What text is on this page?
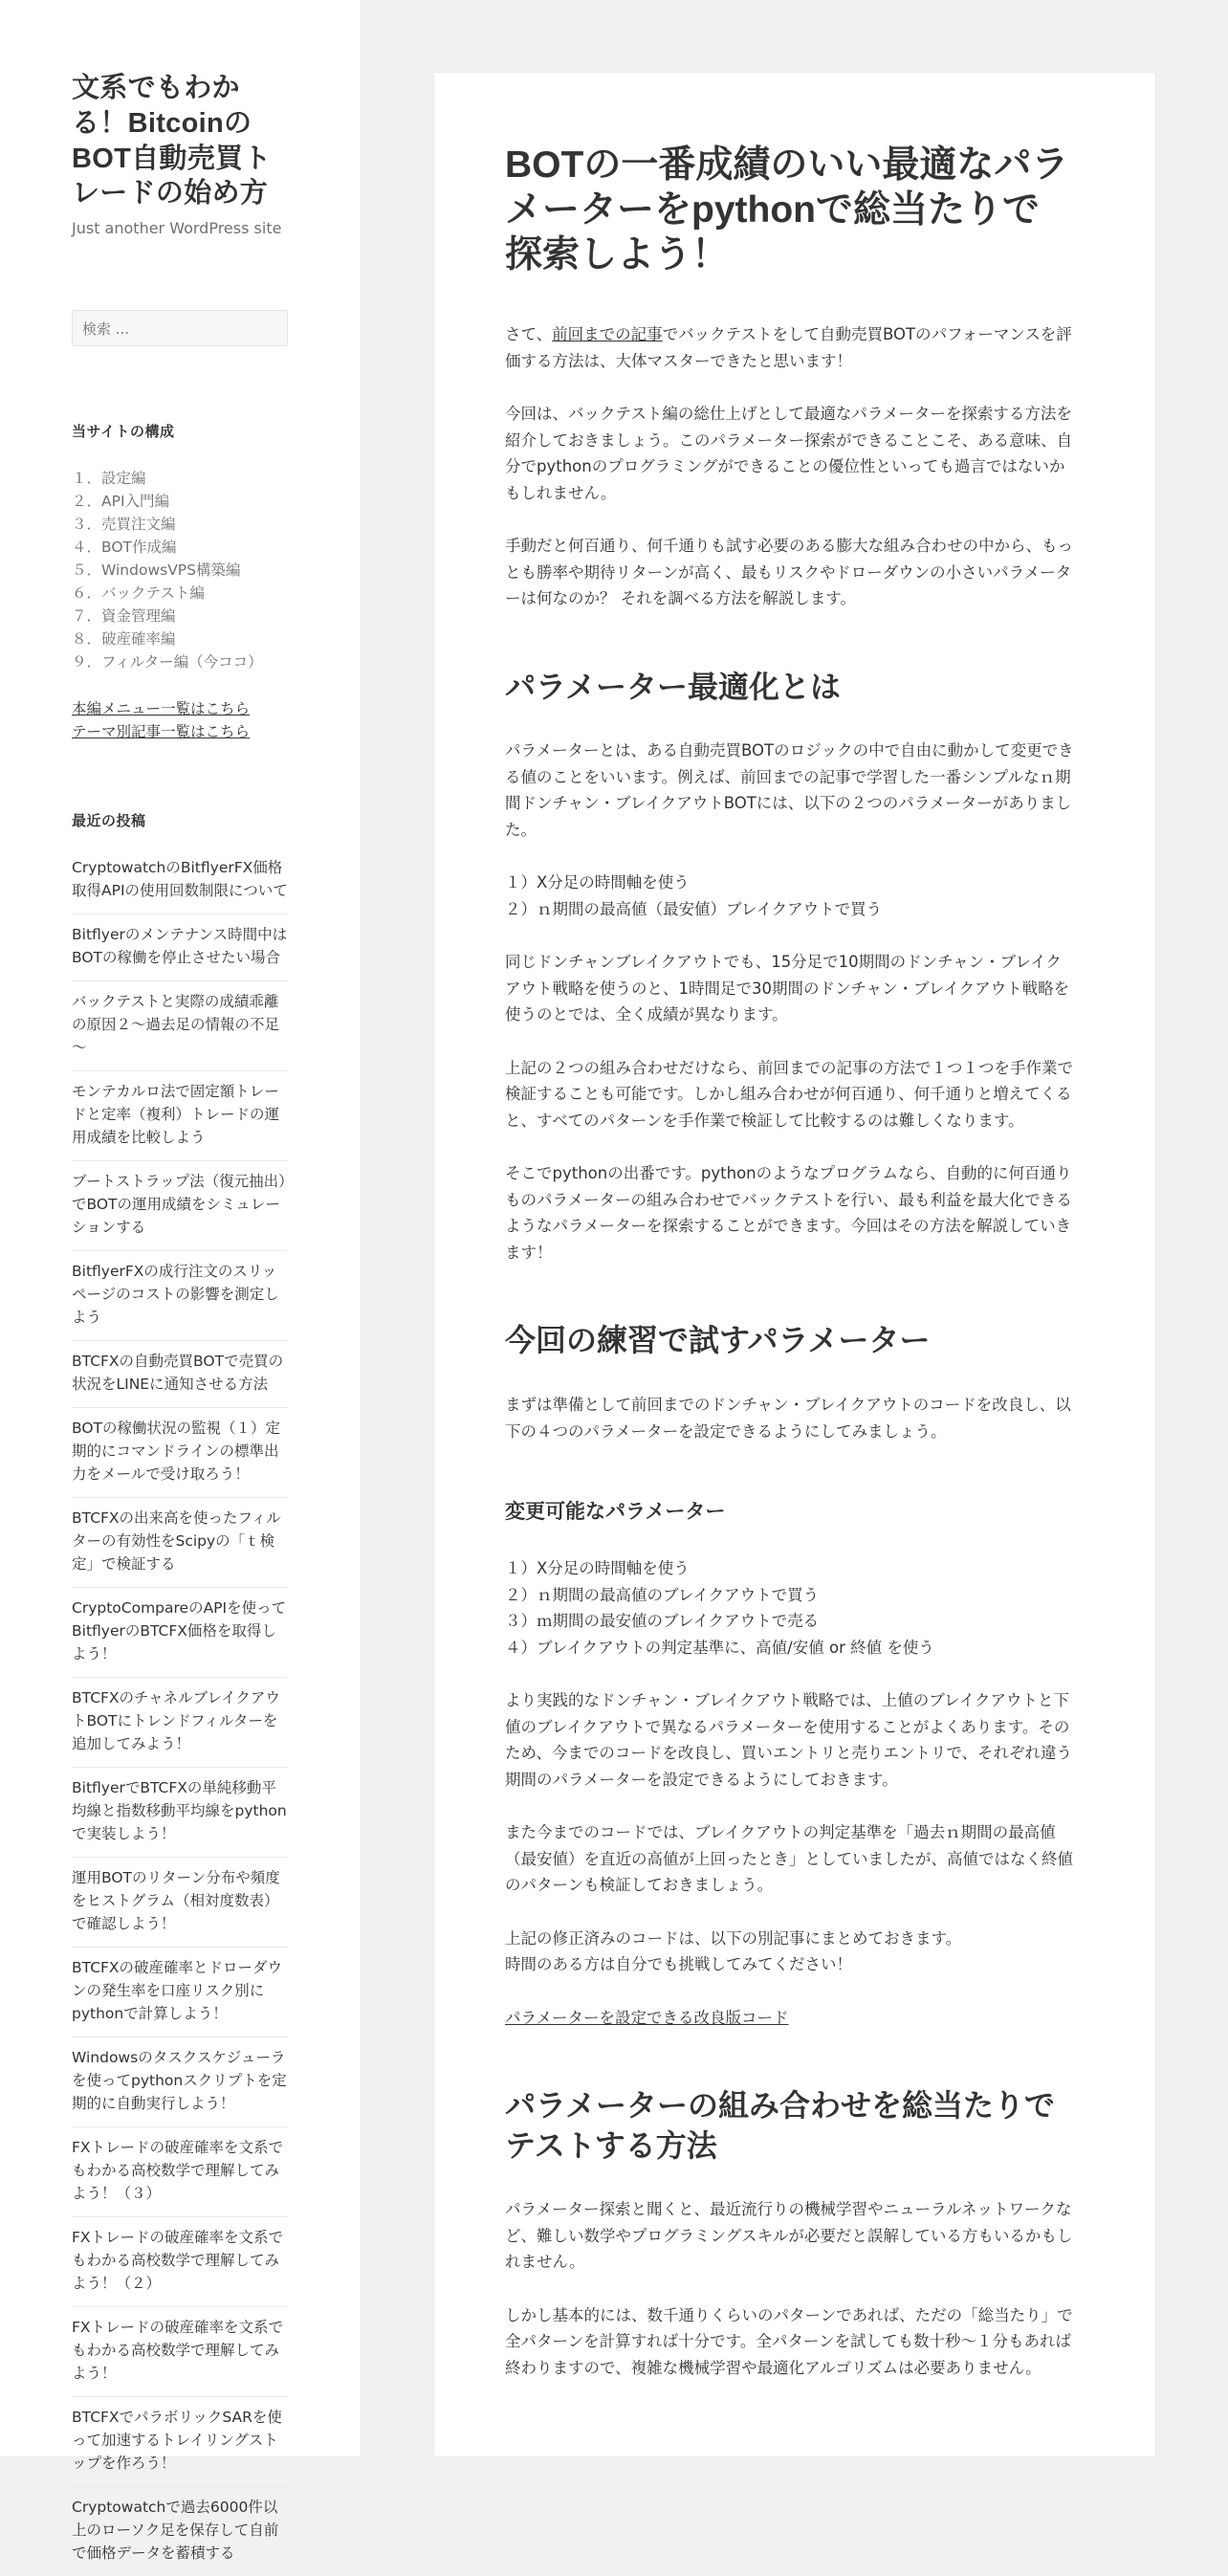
文系でもわかる！BitcoinのBOT自動売買トレードの始め方
Just another WordPress site
検索 ...
当サイトの構成
１．設定編
２．API入門編
３．売買注文編
４．BOT作成編
５．WindowsVPS構築編
６．バックテスト編
７．資金管理編
８．破産確率編
９．フィルター編（今ココ）
本編メニュー一覧はこちら
テーマ別記事一覧はこちら
最近の投稿
CryptowatchのBitflyerFX価格取得APIの使用回数制限について
Bitflyerのメンテナンス時間中はBOTの稼働を停止させたい場合
バックテストと実際の成績乖離の原因２～過去足の情報の不足～
モンテカルロ法で固定額トレードと定率（複利）トレードの運用成績を比較しよう
ブートストラップ法（復元抽出）でBOTの運用成績をシミュレーションする
BitflyerFXの成行注文のスリッページのコストの影響を測定しよう
BTCFXの自動売買BOTで売買の状況をLINEに通知させる方法
BOTの稼働状況の監視（１）定期的にコマンドラインの標準出力をメールで受け取ろう！
BTCFXの出来高を使ったフィルターの有効性をScipyの「ｔ検定」で検証する
CryptoCompareのAPIを使ってBitflyerのBTCFX価格を取得しよう！
BTCFXのチャネルブレイクアウトBOTにトレンドフィルターを追加してみよう！
BitflyerでBTCFXの単純移動平均線と指数移動平均線をpythonで実装しよう！
運用BOTのリターン分布や頻度をヒストグラム（相対度数表）で確認しよう！
BTCFXの破産確率とドローダウンの発生率を口座リスク別にpythonで計算しよう！
Windowsのタスクスケジューラを使ってpythonスクリプトを定期的に自動実行しよう！
FXトレードの破産確率を文系でもわかる高校数学で理解してみよう！（３）
FXトレードの破産確率を文系でもわかる高校数学で理解してみよう！（２）
FXトレードの破産確率を文系でもわかる高校数学で理解してみよう！
BTCFXでパラボリックSARを使って加速するトレイリングストップを作ろう！
Cryptowatchで過去6000件以上のローソク足を保存して自前で価格データを蓄積する
BOTの一番成績のいい最適なパラメーターをpythonで総当たりで探索しよう！

さて、前回までの記事でバックテストをして自動売買BOTのパフォーマンスを評価する方法は、大体マスターできたと思います！

今回は、バックテスト編の総仕上げとして最適なパラメーターを探索する方法を紹介しておきましょう。このパラメーター探索ができることこそ、ある意味、自分でpythonのプログラミングができることの優位性といっても過言ではないかもしれません。

手動だと何百通り、何千通りも試す必要のある膨大な組み合わせの中から、もっとも勝率や期待リターンが高く、最もリスクやドローダウンの小さいパラメーターは何なのか？ それを調べる方法を解説します。

パラメーター最適化とは

パラメーターとは、ある自動売買BOTのロジックの中で自由に動かして変更できる値のことをいいます。例えば、前回までの記事で学習した一番シンプルなｎ期間ドンチャン・ブレイクアウトBOTには、以下の２つのパラメーターがありました。

１）X分足の時間軸を使う
２）ｎ期間の最高値（最安値）ブレイクアウトで買う

同じドンチャンブレイクアウトでも、15分足で10期間のドンチャン・ブレイクアウト戦略を使うのと、1時間足で30期間のドンチャン・ブレイクアウト戦略を使うのとでは、全く成績が異なります。

上記の２つの組み合わせだけなら、前回までの記事の方法で１つ１つを手作業で検証することも可能です。しかし組み合わせが何百通り、何千通りと増えてくると、すべてのパターンを手作業で検証して比較するのは難しくなります。

そこでpythonの出番です。pythonのようなプログラムなら、自動的に何百通りものパラメーターの組み合わせでバックテストを行い、最も利益を最大化できるようなパラメーターを探索することができます。今回はその方法を解説していきます！

今回の練習で試すパラメーター

まずは準備として前回までのドンチャン・ブレイクアウトのコードを改良し、以下の４つのパラメーターを設定できるようにしてみましょう。

変更可能なパラメーター

１）X分足の時間軸を使う
２）ｎ期間の最高値のブレイクアウトで買う
３）ｍ期間の最安値のブレイクアウトで売る
４）ブレイクアウトの判定基準に、高値/安値 or 終値 を使う

より実践的なドンチャン・ブレイクアウト戦略では、上値のブレイクアウトと下値のブレイクアウトで異なるパラメーターを使用することがよくあります。そのため、今までのコードを改良し、買いエントリと売りエントリで、それぞれ違う期間のパラメーターを設定できるようにしておきます。

また今までのコードでは、ブレイクアウトの判定基準を「過去ｎ期間の最高値（最安値）を直近の高値が上回ったとき」としていましたが、高値ではなく終値のパターンも検証しておきましょう。

上記の修正済みのコードは、以下の別記事にまとめておきます。
時間のある方は自分でも挑戦してみてください！

パラメーターを設定できる改良版コード

パラメーターの組み合わせを総当たりでテストする方法

パラメーター探索と聞くと、最近流行りの機械学習やニューラルネットワークなど、難しい数学やプログラミングスキルが必要だと誤解している方もいるかもしれません。

しかし基本的には、数千通りくらいのパターンであれば、ただの「総当たり」で全パターンを計算すれば十分です。全パターンを試しても数十秒～１分もあれば終わりますので、複雑な機械学習や最適化アルゴリズムは必要ありません。
